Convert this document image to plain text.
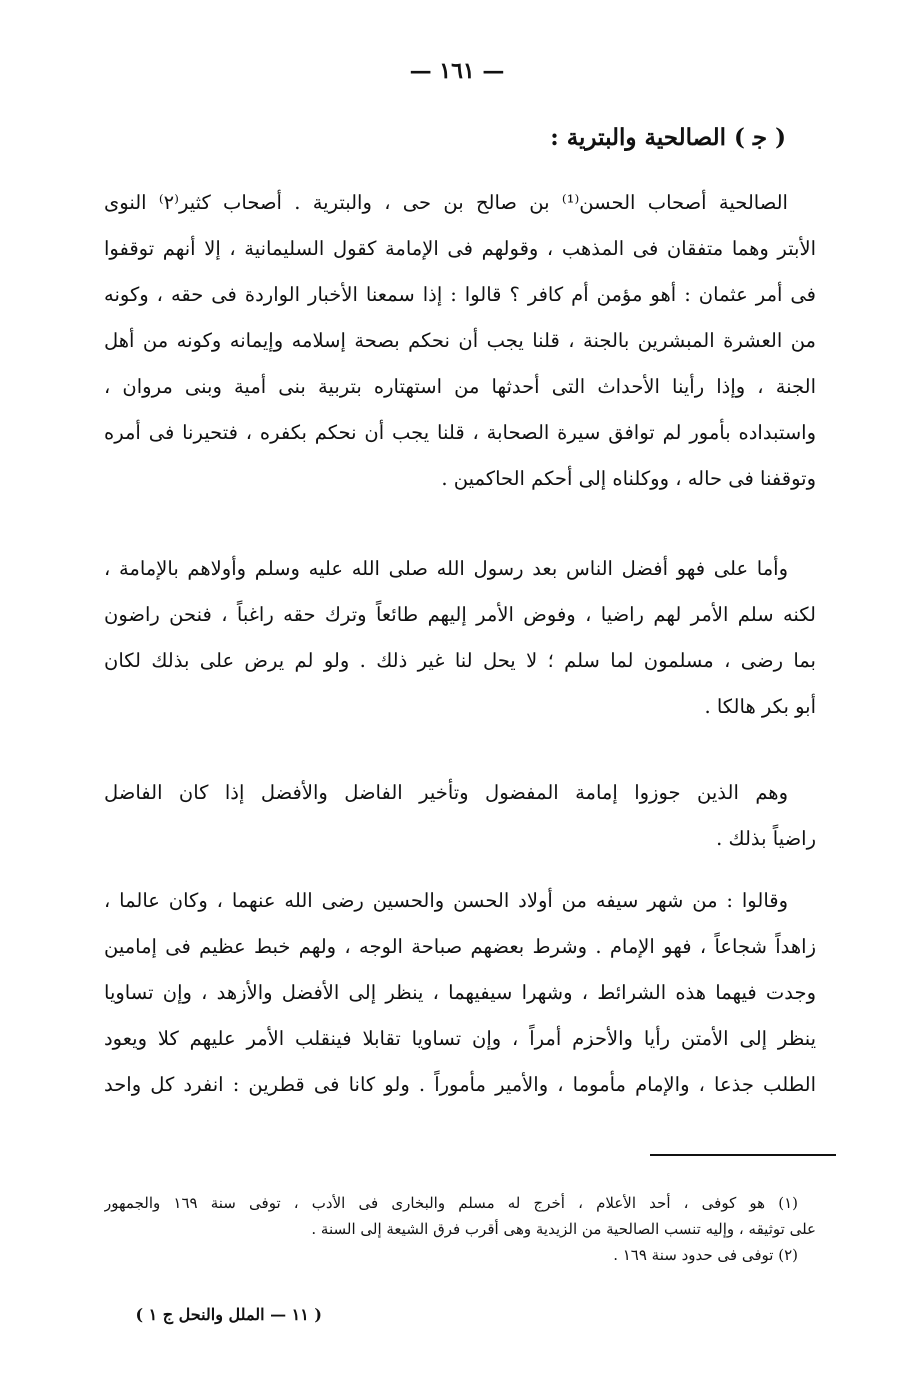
— ١٦١ —
( ﺟ ) الصالحية والبترية :
الصالحية أصحاب الحسن⁽¹⁾ بن صالح بن حى ، والبترية . أصحاب كثير⁽٢⁾ النوى
الأبتر وهما متفقان فى المذهب ، وقولهم فى الإمامة كقول السليمانية ، إلا أنهم توقفوا
فى أمر عثمان : أهو مؤمن أم كافر ؟ قالوا : إذا سمعنا الأخبار الواردة فى حقه ، وكونه
من العشرة المبشرين بالجنة ، قلنا يجب أن نحكم بصحة إسلامه وإيمانه وكونه من أهل
الجنة ، وإذا رأينا الأحداث التى أحدثها من استهتاره بتربية بنى أمية وبنى مروان ،
واستبداده بأمور لم توافق سيرة الصحابة ، قلنا يجب أن نحكم بكفره ، فتحيرنا فى أمره
وتوقفنا فى حاله ، ووكلناه إلى أحكم الحاكمين .
وأما على فهو أفضل الناس بعد رسول الله صلى الله عليه وسلم وأولاهم بالإمامة ،
لكنه سلم الأمر لهم راضيا ، وفوض الأمر إليهم طائعاً وترك حقه راغباً ، فنحن راضون
بما رضى ، مسلمون لما سلم ؛ لا يحل لنا غير ذلك . ولو لم يرض على بذلك لكان
أبو بكر هالكا .
وهم الذين جوزوا إمامة المفضول وتأخير الفاضل والأفضل إذا كان الفاضل
راضياً بذلك .
وقالوا : من شهر سيفه من أولاد الحسن والحسين رضى الله عنهما ، وكان عالما ،
زاهداً شجاعاً ، فهو الإمام . وشرط بعضهم صباحة الوجه ، ولهم خبط عظيم فى إمامين
وجدت فيهما هذه الشرائط ، وشهرا سيفيهما ، ينظر إلى الأفضل والأزهد ، وإن تساويا
ينظر إلى الأمتن رأيا والأحزم أمراً ، وإن تساويا تقابلا فينقلب الأمر عليهم كلا ويعود
الطلب جذعا ، والإمام مأموما ، والأمير مأموراً . ولو كانا فى قطرين : انفرد كل واحد
(١) هو كوفى ، أحد الأعلام ، أخرج له مسلم والبخارى فى الأدب ، توفى سنة ١٦٩ والجمهور
على توثيقه ، وإليه تنسب الصالحية من الزيدية وهى أقرب فرق الشيعة إلى السنة .
(٢) توفى فى حدود سنة ١٦٩ .
( ١١ — الملل والنحل ج ١ )
